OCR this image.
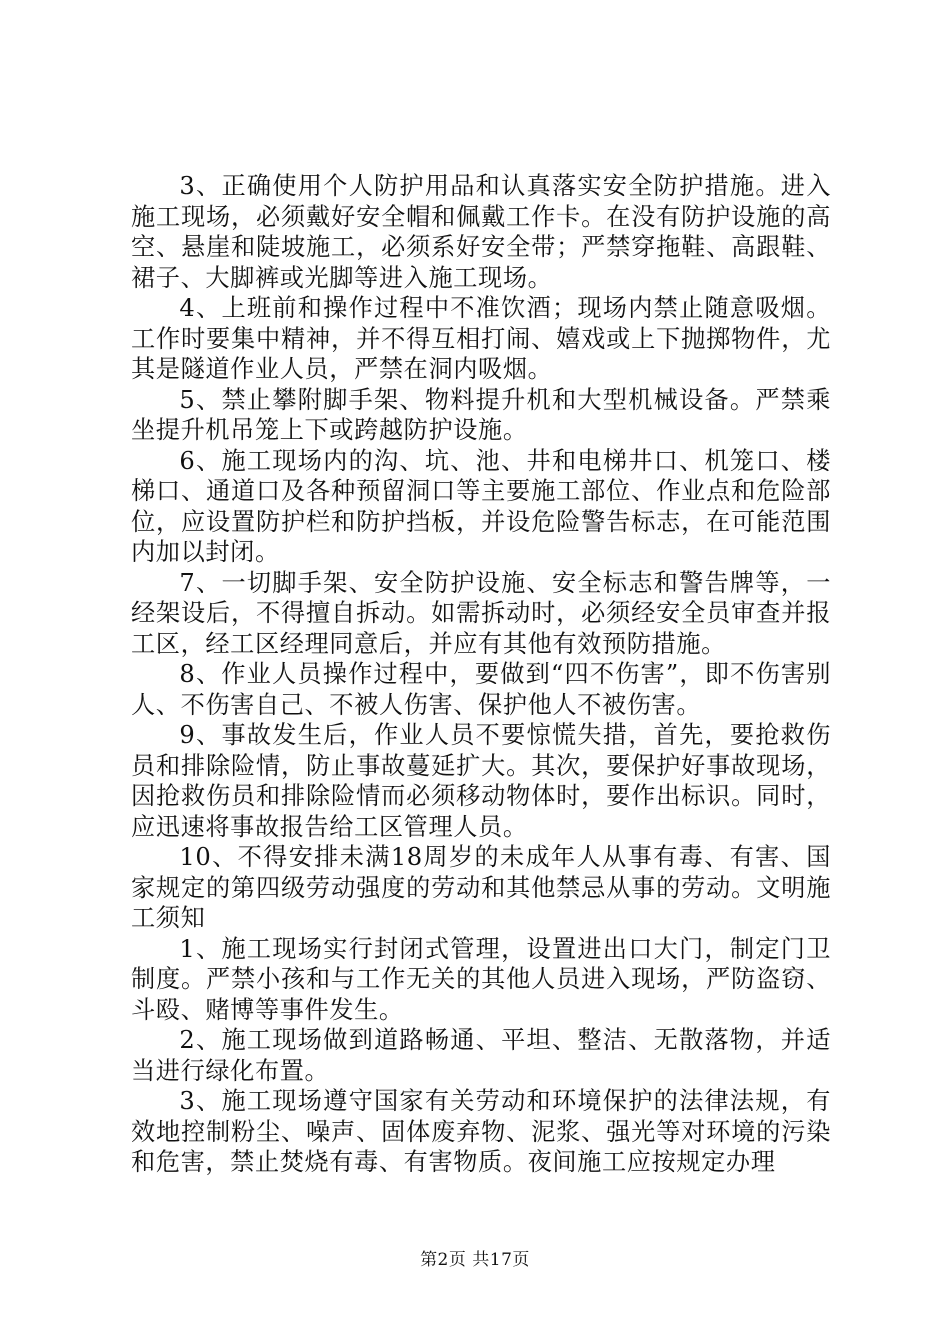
3、正确使用个人防护用品和认真落实安全防护措施。进入施工现场，必须戴好安全帽和佩戴工作卡。在没有防护设施的高空、悬崖和陡坡施工，必须系好安全带；严禁穿拖鞋、高跟鞋、裙子、大脚裤或光脚等进入施工现场。

4、上班前和操作过程中不准饮酒；现场内禁止随意吸烟。工作时要集中精神，并不得互相打闹、嬉戏或上下抛掷物件，尤其是隧道作业人员，严禁在洞内吸烟。

5、禁止攀附脚手架、物料提升机和大型机械设备。严禁乘坐提升机吊笼上下或跨越防护设施。

6、施工现场内的沟、坑、池、井和电梯井口、机笼口、楼梯口、通道口及各种预留洞口等主要施工部位、作业点和危险部位，应设置防护栏和防护挡板，并设危险警告标志，在可能范围内加以封闭。

7、一切脚手架、安全防护设施、安全标志和警告牌等，一经架设后，不得擅自拆动。如需拆动时，必须经安全员审查并报工区，经工区经理同意后，并应有其他有效预防措施。

8、作业人员操作过程中，要做到“四不伤害”，即不伤害别人、不伤害自己、不被人伤害、保护他人不被伤害。

9、事故发生后，作业人员不要惊慌失措，首先，要抢救伤员和排除险情，防止事故蔓延扩大。其次，要保护好事故现场，因抢救伤员和排除险情而必须移动物体时，要作出标识。同时，应迅速将事故报告给工区管理人员。

10、不得安排未满18周岁的未成年人从事有毒、有害、国家规定的第四级劳动强度的劳动和其他禁忌从事的劳动。文明施工须知

1、施工现场实行封闭式管理，设置进出口大门，制定门卫制度。严禁小孩和与工作无关的其他人员进入现场，严防盗窃、斗殴、赌博等事件发生。

2、施工现场做到道路畅通、平坦、整洁、无散落物，并适当进行绿化布置。

3、施工现场遵守国家有关劳动和环境保护的法律法规，有效地控制粉尘、噪声、固体废弃物、泥浆、强光等对环境的污染和危害，禁止焚烧有毒、有害物质。夜间施工应按规定办理

第2页 共17页
